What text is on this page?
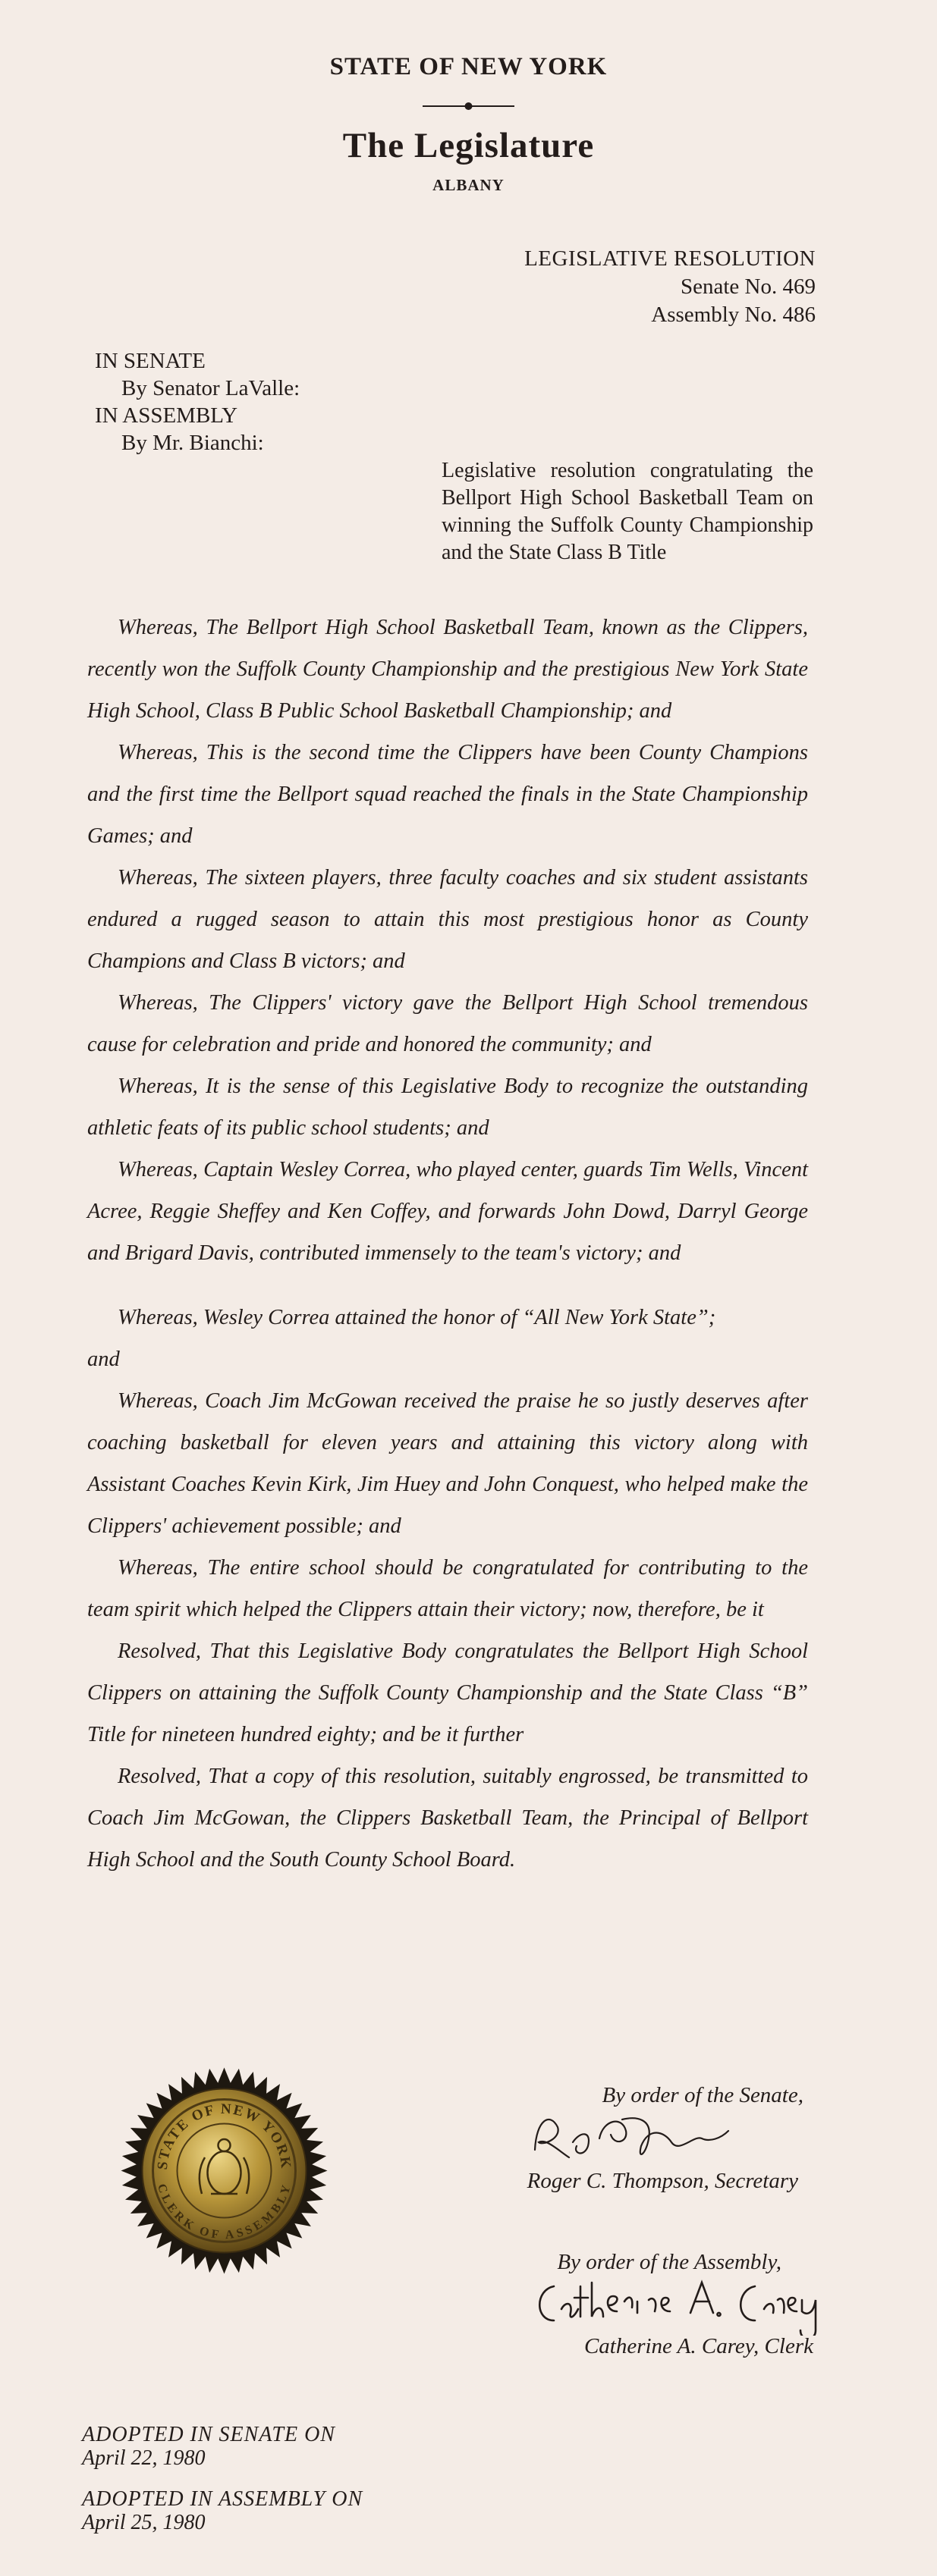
STATE OF NEW YORK
The Legislature
ALBANY
LEGISLATIVE RESOLUTION
Senate No. 469
Assembly No. 486
IN SENATE
By Senator LaValle:
IN ASSEMBLY
By Mr. Bianchi:
Legislative resolution congratulating the Bellport High School Basketball Team on winning the Suffolk County Championship and the State Class B Title

Whereas, The Bellport High School Basketball Team, known as the Clippers, recently won the Suffolk County Championship and the prestigious New York State High School, Class B Public School Basketball Championship; and

Whereas, This is the second time the Clippers have been County Champions and the first time the Bellport squad reached the finals in the State Championship Games; and

Whereas, The sixteen players, three faculty coaches and six student assistants endured a rugged season to attain this most prestigious honor as County Champions and Class B victors; and

Whereas, The Clippers' victory gave the Bellport High School tremendous cause for celebration and pride and honored the community; and

Whereas, It is the sense of this Legislative Body to recognize the outstanding athletic feats of its public school students; and

Whereas, Captain Wesley Correa, who played center, guards Tim Wells, Vincent Acree, Reggie Sheffey and Ken Coffey, and forwards John Dowd, Darryl George and Brigard Davis, contributed immensely to the team's victory; and

Whereas, Wesley Correa attained the honor of “All New York State”;

and

Whereas, Coach Jim McGowan received the praise he so justly deserves after coaching basketball for eleven years and attaining this victory along with Assistant Coaches Kevin Kirk, Jim Huey and John Conquest, who helped make the Clippers' achievement possible; and

Whereas, The entire school should be congratulated for contributing to the team spirit which helped the Clippers attain their victory; now, therefore, be it

Resolved, That this Legislative Body congratulates the Bellport High School Clippers on attaining the Suffolk County Championship and the State Class “B” Title for nineteen hundred eighty; and be it further

Resolved, That a copy of this resolution, suitably engrossed, be transmitted to Coach Jim McGowan, the Clippers Basketball Team, the Principal of Bellport High School and the South County School Board.

STATE OF NEW YORK
CLERK OF ASSEMBLY
By order of the Senate,
Roger C. Thompson, Secretary
By order of the Assembly,
Catherine A. Carey, Clerk
ADOPTED IN SENATE ON
April 22, 1980
ADOPTED IN ASSEMBLY ON
April 25, 1980
